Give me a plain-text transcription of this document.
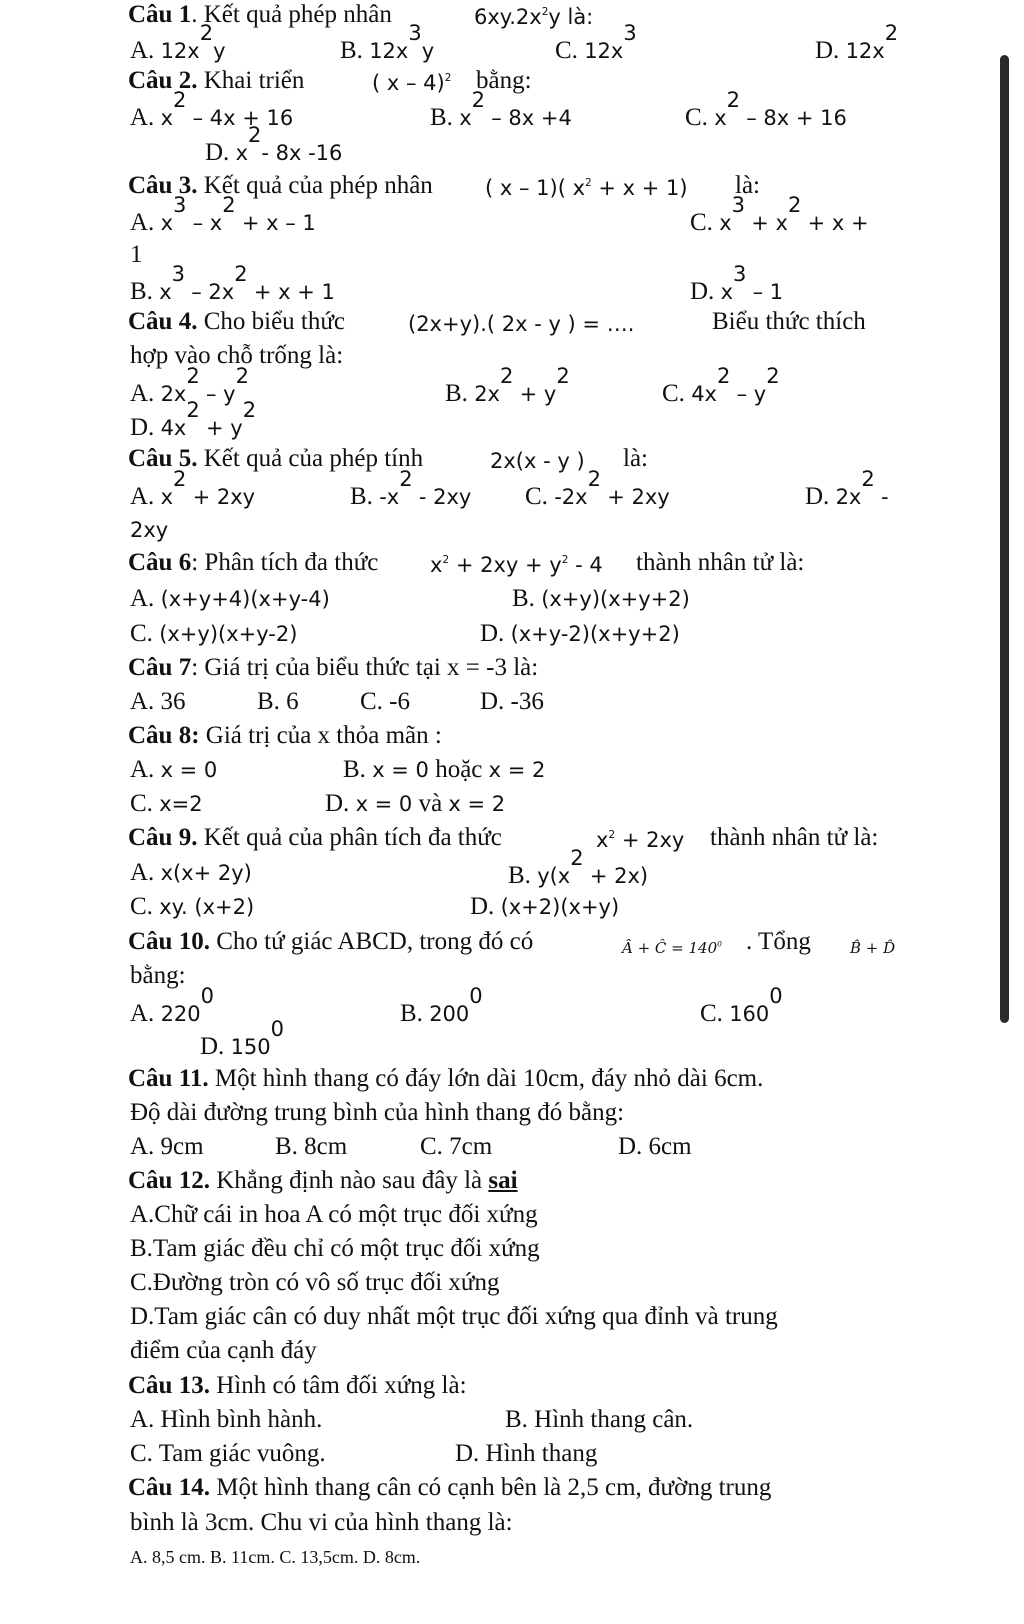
Câu 1. Kết quả phép nhân	$6xy.2x^2y$ là:
A. $12x^2y$	B. $12x^3y$	C. $12x^3$
D. $12x^2$
Câu 2. Khai triển	( x – 4)$^2$ bằng:
A. $x^2 - 4x + 16$	B. $x^2 - 8x +4$	C. $x^2 - 8x + 16$
D. $x^2-$ 8x -16
Câu 3. Kết quả của phép nhân ( x – 1)( $x^2 + x + 1$) là:
A. $x^3 - x^2 + x - 1$	C. $x^3 + x^2 + x$ +
1
B. $x^3 - 2x^2 + x + 1$	D. $x^3 - 1$
Câu 4. Cho biểu thức	(2x+y).( 2x - y ) = ….	Biểu thức thích
hợp vào chỗ trống là:
A. $2x^2 - y^2$
B. $2x^2 + y^2$
C. $4x^2 - y^2$
D. $4x^2 + y^2$
Câu 5. Kết quả của phép tính	2x(x - y ) là:
A. $x^2 + 2xy$	B. $-x^2 - 2xy$ C. $-2x^2 + 2xy$	D. $2x^2$ -
2xy
Câu 6: Phân tích đa thức $x^2 + 2xy + y^2 - 4$ thành nhân tử là:
A. (x+y+4)(x+y-4)	B. (x+y)(x+y+2)
C. (x+y)(x+y-2)	D. (x+y-2)(x+y+2)
Câu 7: Giá trị của biểu thức tại x = -3 là:
A. 36	B. 6 C. -6	D. -36
Câu 8: Giá trị của x thỏa mãn :
A. x = 0	B. x = 0 hoặc x = 2
C. x=2	D. x = 0 và x = 2
Câu 9. Kết quả của phân tích đa thức	$x^2 + 2xy$ thành nhân tử là:
A. x(x+ 2y)	B. $y(x^2 + 2x)$
C. xy. (x+2)	D. (x+2)(x+y)
Câu 10. Cho tứ giác ABCD, trong đó có	Â + Ĉ = $140^0$ . Tổng	B̂ + D̂
bằng:
A. $220^0$
B. $200^0$
C. $160^0$
D. $150^0$
Câu 11. Một hình thang có đáy lớn dài 10cm, đáy nhỏ dài 6cm.
Độ dài đường trung bình của hình thang đó bằng:
A. 9cm	B. 8cm	C. 7cm	D. 6cm
Câu 12. Khẳng định nào sau đây là sai
A.Chữ cái in hoa A có một trục đối xứng
B.Tam giác đều chỉ có một trục đối xứng
C.Đường tròn có vô số trục đối xứng
D.Tam giác cân có duy nhất một trục đối xứng qua đỉnh và trung
điểm của cạnh đáy
Câu 13. Hình có tâm đối xứng là:
A. Hình bình hành.	B. Hình thang cân.
C. Tam giác vuông.	D. Hình thang
Câu 14. Một hình thang cân có cạnh bên là 2,5 cm, đường trung
bình là 3cm. Chu vi của hình thang là:
A. 8,5 cm. B. 11cm. C. 13,5cm. D. 8cm.
